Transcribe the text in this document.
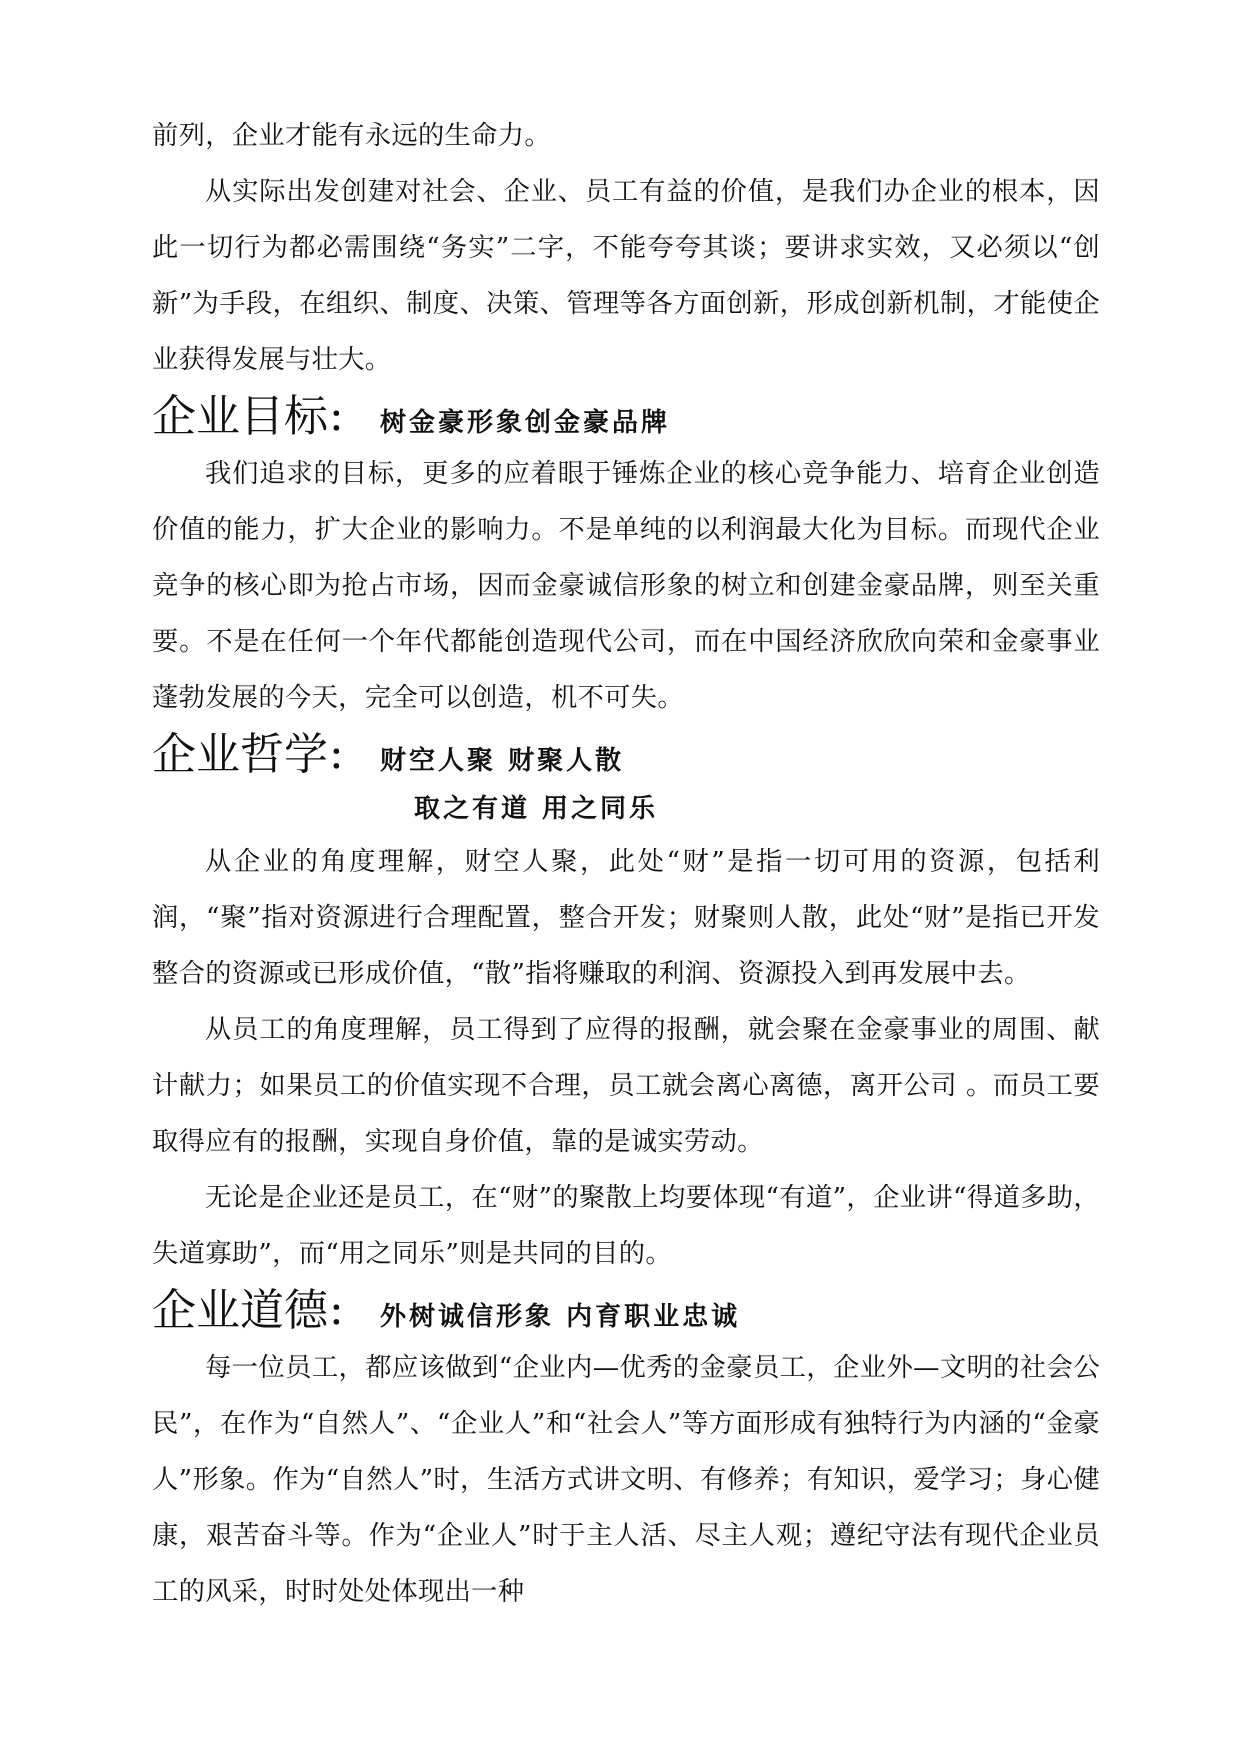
前列，企业才能有永远的生命力。

从实际出发创建对社会、企业、员工有益的价值，是我们办企业的根本，因此一切行为都必需围绕“务实”二字，不能夸夸其谈；要讲求实效，又必须以“创新”为手段，在组织、制度、决策、管理等各方面创新，形成创新机制，才能使企业获得发展与壮大。

企业目标 ： 树金豪形象创金豪品牌

我们追求的目标，更多的应着眼于锤炼企业的核心竞争能力、培育企业创造价值的能力，扩大企业的影响力。不是单纯的以利润最大化为目标。而现代企业竞争的核心即为抢占市场，因而金豪诚信形象的树立和创建金豪品牌，则至关重要。不是在任何一个年代都能创造现代公司，而在中国经济欣欣向荣和金豪事业蓬勃发展的今天，完全可以创造，机不可失。

企业哲学 ： 财空人聚 财聚人散
取之有道 用之同乐

从企业的角度理解，财空人聚，此处“财”是指一切可用的资源，包括利润，“聚”指对资源进行合理配置，整合开发；财聚则人散，此处“财”是指已开发整合的资源或已形成价值，“散”指将赚取的利润、资源投入到再发展中去。

从员工的角度理解，员工得到了应得的报酬，就会聚在金豪事业的周围、献计献力；如果员工的价值实现不合理，员工就会离心离德，离开公司 。而员工要取得应有的报酬，实现自身价值，靠的是诚实劳动。

无论是企业还是员工，在“财”的聚散上均要体现“有道”，企业讲“得道多助，失道寡助”，而“用之同乐”则是共同的目的。

企业道德 ： 外树诚信形象 内育职业忠诚

每一位员工，都应该做到“企业内—优秀的金豪员工，企业外—文明的社会公民”，在作为“自然人”、“企业人”和“社会人”等方面形成有独特行为内涵的“金豪人”形象。作为“自然人”时，生活方式讲文明、有修养；有知识，爱学习；身心健康，艰苦奋斗等。作为“企业人”时于主人活、尽主人观；遵纪守法有现代企业员工的风采，时时处处体现出一种
